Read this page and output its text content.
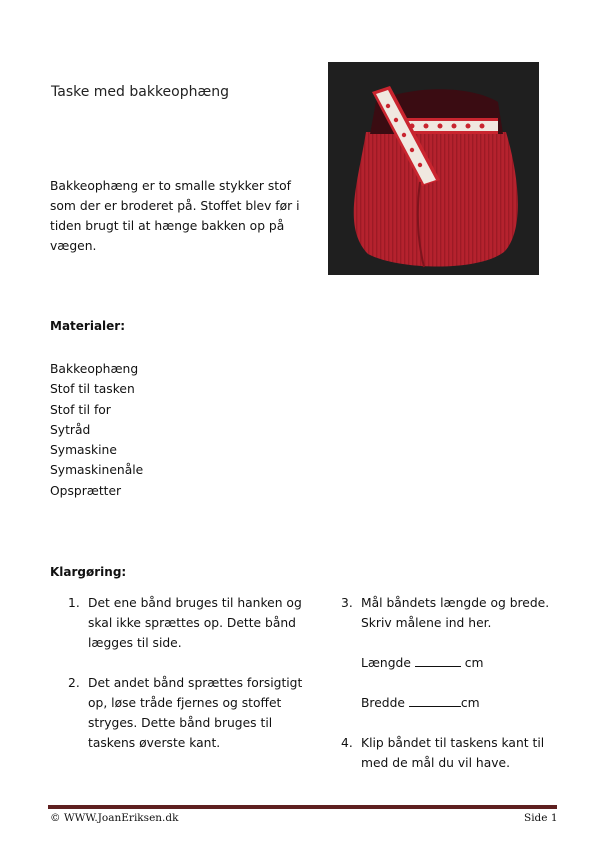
Taske med bakkeophæng
Bakkeophæng er to smalle stykker stof som der er broderet på. Stoffet blev før i tiden brugt til at hænge bakken op på vægen.
Materialer:
Bakkeophæng
Stof til tasken
Stof til for
Sytråd
Symaskine
Symaskinenåle
Opsprætter
Klargøring:
1. Det ene bånd bruges til hanken og skal ikke sprættes op. Dette bånd lægges til side.
2. Det andet bånd sprættes forsigtigt op, løse tråde fjernes og stoffet stryges. Dette bånd bruges til taskens øverste kant.
3. Mål båndets længde og brede. Skriv målene ind her.
Længde	cm
Bredde	cm
4. Klip båndet til taskens kant til med de mål du vil have.
© WWW.JoanEriksen.dk	Side 1
